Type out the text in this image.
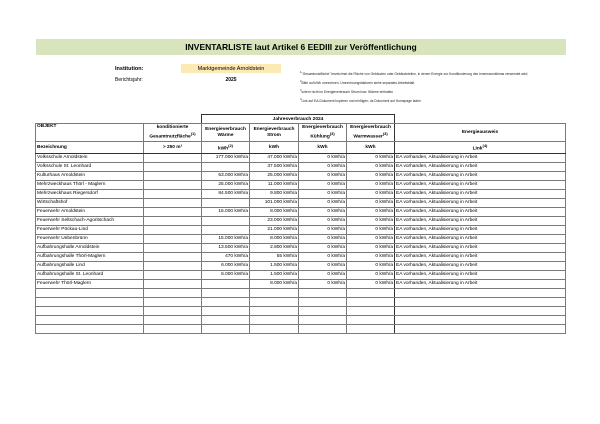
INVENTARLISTE laut Artikel 6 EEDIII zur Veröffentlichung
Institution:	Marktgemeinde Arnoldstein
Berichtsjahr:	2025
$^1$"Gesamtnutzfläche" bezeichnet die Fläche von Gebäuden oder Gebäudeteilen, in denen Energie zur Konditionierung des Innenraumklimas verwendet wird.
$^2$Bitte auf kWh umrechnen. Umrechnungsfaktoren siehe separates Arbeitsblatt
$^3$sofern nicht im Energieverbrauch Strom bzw. Wärme enthalten
$^4$Link auf EA-Dokument kopieren und einfügen; ds Dokument auf Homepage laden
		Jahresverbrauch 2024				
OBJEKT	konditionierte Gesamtnutzfläche$^{(1)}$	Energieverbrauch Wärme	Energieverbrauch Strom	Energieverbrauch Kühlung$^{(3)}$	Energieverbrauch Warmwasser$^{(3)}$	Energieausweis
Bezeichnung	> 250 m²	kWh$^{(2)}$	kWh	kWh	kWh	Link$^{(4)}$
Volksschule Arnoldstein		177.000 kWh/a	47.000 kWh/a	0 kWh/a	0 kWh/a	EA vorhanden, Aktualisierung in Arbeit
Volksschule St. Leonhard			37.500 kWh/a	0 kWh/a	0 kWh/a	EA vorhanden, Aktualisierung in Arbeit
Kulturhaus Arnoldstein		53.000 kWh/a	25.000 kWh/a	0 kWh/a	0 kWh/a	EA vorhanden, Aktualisierung in Arbeit
Mehrzweckhaus Thörl - Maglern		25.000 kWh/a	11.000 kWh/a	0 kWh/a	0 kWh/a	EA vorhanden, Aktualisierung in Arbeit
Mehrzweckhaus Riegersdorf		84.500 kWh/a	9.800 kWh/a	0 kWh/a	0 kWh/a	EA vorhanden, Aktualisierung in Arbeit
Wirtschaftshof			101.000 kWh/a	0 kWh/a	0 kWh/a	EA vorhanden, Aktualisierung in Arbeit
Feuerwehr Arnoldstein		15.000 kWh/a	8.000 kWh/a	0 kWh/a	0 kWh/a	EA vorhanden, Aktualisierung in Arbeit
Feuerwehr Seltschach-Agoritschach			23.000 kWh/a	0 kWh/a	0 kWh/a	EA vorhanden, Aktualisierung in Arbeit
Feuerwehr Pöckau-Lind			21.000 kWh/a	0 kWh/a	0 kWh/a	EA vorhanden, Aktualisierung in Arbeit
Feuerwehr Uebenbrünn		15.000 kWh/a	8.000 kWh/a	0 kWh/a	0 kWh/a	EA vorhanden, Aktualisierung in Arbeit
Aufbahrungshalle Arnoldstein		13.500 kWh/a	2.800 kWh/a	0 kWh/a	0 kWh/a	EA vorhanden, Aktualisierung in Arbeit
Aufbahrungshalle Thörl-Maglern		470 kWh/a	55 kWh/a	0 kWh/a	0 kWh/a	EA vorhanden, Aktualisierung in Arbeit
Aufbahrungshalle Lind		6.000 kWh/a	1.500 kWh/a	0 kWh/a	0 kWh/a	EA vorhanden, Aktualisierung in Arbeit
Aufbahrungshalle St. Leonhard		6.000 kWh/a	1.500 kWh/a	0 kWh/a	0 kWh/a	EA vorhanden, Aktualisierung in Arbeit
Feuerwehr Thörl-Maglern			8.000 kWh/a	0 kWh/a	0 kWh/a	EA vorhanden, Aktualisierung in Arbeit
